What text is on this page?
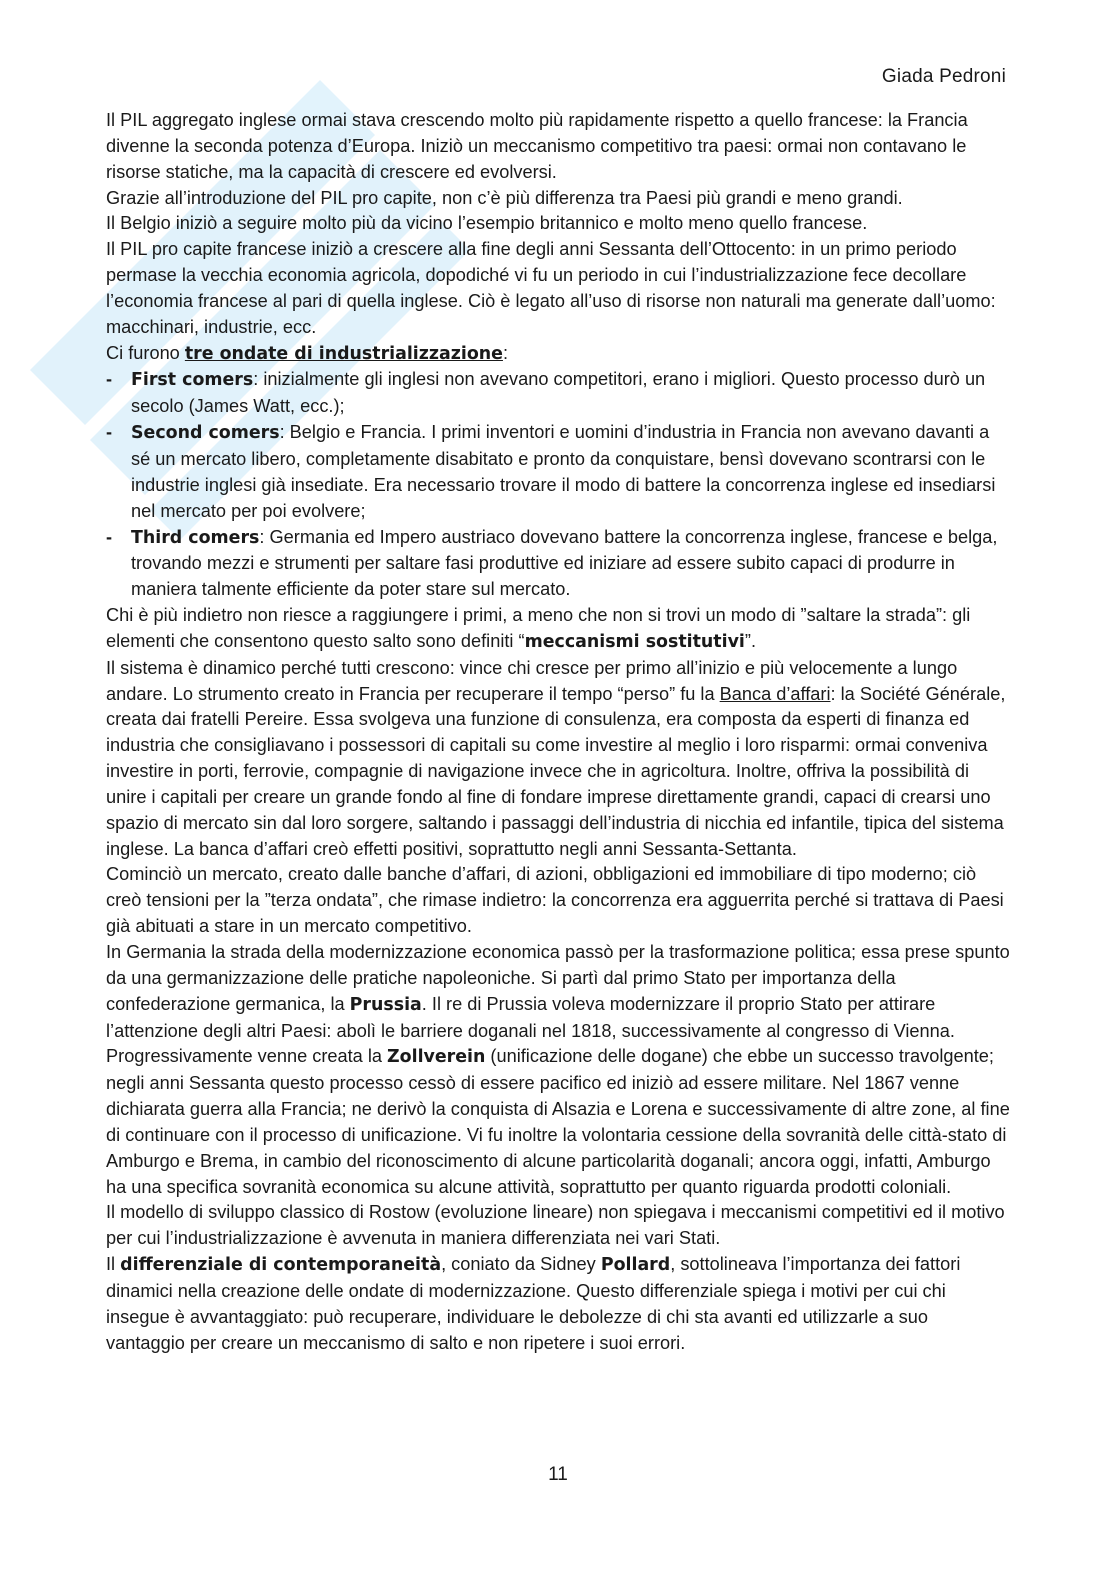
Giada Pedroni

Il PIL aggregato inglese ormai stava crescendo molto più rapidamente rispetto a quello francese: la Francia divenne la seconda potenza d’Europa. Iniziò un meccanismo competitivo tra paesi: ormai non contavano le risorse statiche, ma la capacità di crescere ed evolversi.

Grazie all’introduzione del PIL pro capite, non c’è più differenza tra Paesi più grandi e meno grandi.

Il Belgio iniziò a seguire molto più da vicino l’esempio britannico e molto meno quello francese.

Il PIL pro capite francese iniziò a crescere alla fine degli anni Sessanta dell’Ottocento: in un primo periodo permase la vecchia economia agricola, dopodiché vi fu un periodo in cui l’industrializzazione fece decollare l’economia francese al pari di quella inglese. Ciò è legato all’uso di risorse non naturali ma generate dall’uomo: macchinari, industrie, ecc.

Ci furono tre ondate di industrializzazione:

- First comers: inizialmente gli inglesi non avevano competitori, erano i migliori. Questo processo durò un secolo (James Watt, ecc.);
- Second comers: Belgio e Francia. I primi inventori e uomini d’industria in Francia non avevano davanti a sé un mercato libero, completamente disabitato e pronto da conquistare, bensì dovevano scontrarsi con le industrie inglesi già insediate. Era necessario trovare il modo di battere la concorrenza inglese ed insediarsi nel mercato per poi evolvere;
- Third comers: Germania ed Impero austriaco dovevano battere la concorrenza inglese, francese e belga, trovando mezzi e strumenti per saltare fasi produttive ed iniziare ad essere subito capaci di produrre in maniera talmente efficiente da poter stare sul mercato.

Chi è più indietro non riesce a raggiungere i primi, a meno che non si trovi un modo di ”saltare la strada”: gli elementi che consentono questo salto sono definiti “meccanismi sostitutivi”.

Il sistema è dinamico perché tutti crescono: vince chi cresce per primo all’inizio e più velocemente a lungo andare. Lo strumento creato in Francia per recuperare il tempo “perso” fu la Banca d’affari: la Société Générale, creata dai fratelli Pereire. Essa svolgeva una funzione di consulenza, era composta da esperti di finanza ed industria che consigliavano i possessori di capitali su come investire al meglio i loro risparmi: ormai conveniva investire in porti, ferrovie, compagnie di navigazione invece che in agricoltura. Inoltre, offriva la possibilità di unire i capitali per creare un grande fondo al fine di fondare imprese direttamente grandi, capaci di crearsi uno spazio di mercato sin dal loro sorgere, saltando i passaggi dell’industria di nicchia ed infantile, tipica del sistema inglese. La banca d’affari creò effetti positivi, soprattutto negli anni Sessanta-Settanta.

Cominciò un mercato, creato dalle banche d’affari, di azioni, obbligazioni ed immobiliare di tipo moderno; ciò creò tensioni per la ”terza ondata”, che rimase indietro: la concorrenza era agguerrita perché si trattava di Paesi già abituati a stare in un mercato competitivo.

In Germania la strada della modernizzazione economica passò per la trasformazione politica; essa prese spunto da una germanizzazione delle pratiche napoleoniche. Si partì dal primo Stato per importanza della confederazione germanica, la Prussia. Il re di Prussia voleva modernizzare il proprio Stato per attirare l’attenzione degli altri Paesi: abolì le barriere doganali nel 1818, successivamente al congresso di Vienna. Progressivamente venne creata la Zollverein (unificazione delle dogane) che ebbe un successo travolgente; negli anni Sessanta questo processo cessò di essere pacifico ed iniziò ad essere militare. Nel 1867 venne dichiarata guerra alla Francia; ne derivò la conquista di Alsazia e Lorena e successivamente di altre zone, al fine di continuare con il processo di unificazione. Vi fu inoltre la volontaria cessione della sovranità delle città-stato di Amburgo e Brema, in cambio del riconoscimento di alcune particolarità doganali; ancora oggi, infatti, Amburgo ha una specifica sovranità economica su alcune attività, soprattutto per quanto riguarda prodotti coloniali.

Il modello di sviluppo classico di Rostow (evoluzione lineare) non spiegava i meccanismi competitivi ed il motivo per cui l’industrializzazione è avvenuta in maniera differenziata nei vari Stati.

Il differenziale di contemporaneità, coniato da Sidney Pollard, sottolineava l’importanza dei fattori dinamici nella creazione delle ondate di modernizzazione. Questo differenziale spiega i motivi per cui chi insegue è avvantaggiato: può recuperare, individuare le debolezze di chi sta avanti ed utilizzarle a suo vantaggio per creare un meccanismo di salto e non ripetere i suoi errori.

11
